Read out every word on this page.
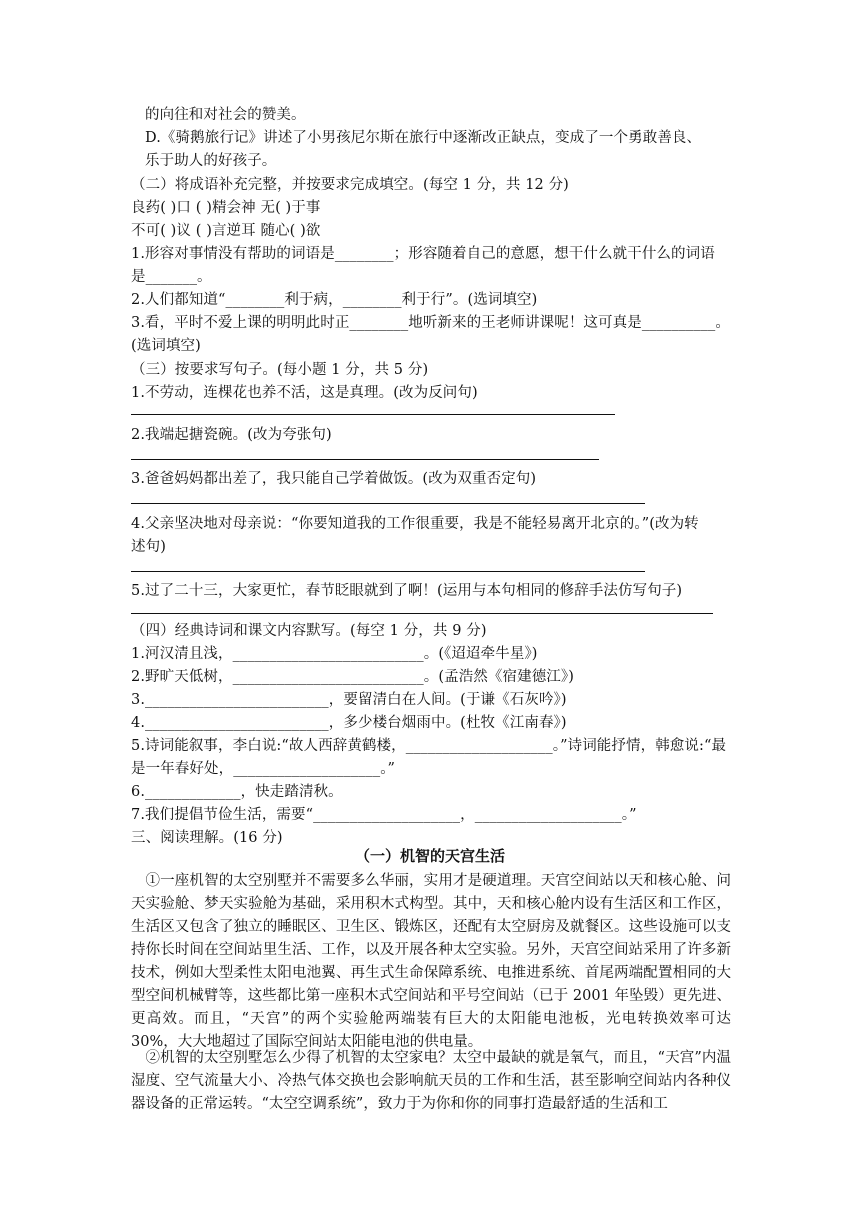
的向往和对社会的赞美。
D.《骑鹅旅行记》讲述了小男孩尼尔斯在旅行中逐渐改正缺点，变成了一个勇敢善良、
乐于助人的好孩子。
（二）将成语补充完整，并按要求完成填空。(每空 1 分，共 12 分)
良药( )口 ( )精会神 无( )于事
不可( )议 ( )言逆耳 随心( )欲
1.形容对事情没有帮助的词语是________；形容随着自己的意愿，想干什么就干什么的词语
是_______。
2.人们都知道“________利于病，________利于行”。(选词填空)
3.看，平时不爱上课的明明此时正________地听新来的王老师讲课呢！这可真是__________。
(选词填空)
（三）按要求写句子。(每小题 1 分，共 5 分)
1.不劳动，连棵花也养不活，这是真理。(改为反问句)
2.我端起搪瓷碗。(改为夸张句)
3.爸爸妈妈都出差了，我只能自己学着做饭。(改为双重否定句)
4.父亲坚决地对母亲说：“你要知道我的工作很重要，我是不能轻易离开北京的。”(改为转
述句)
5.过了二十三，大家更忙，春节眨眼就到了啊！(运用与本句相同的修辞手法仿写句子)
（四）经典诗词和课文内容默写。(每空 1 分，共 9 分)
1.河汉清且浅，__________________________。(《迢迢牵牛星》)
2.野旷天低树，__________________________。(孟浩然《宿建德江》)
3._________________________，要留清白在人间。(于谦《石灰吟》)
4._________________________，多少楼台烟雨中。(杜牧《江南春》)
5.诗词能叙事，李白说:“故人西辞黄鹤楼，____________________。”诗词能抒情，韩愈说:“最
是一年春好处，____________________。”
6._____________，快走踏清秋。
7.我们提倡节俭生活，需要“____________________，____________________。”
三、阅读理解。(16 分)
（一）机智的天宫生活
①一座机智的太空别墅并不需要多么华丽，实用才是硬道理。天宫空间站以天和核心舱、问天实验舱、梦天实验舱为基础，采用积木式构型。其中，天和核心舱内设有生活区和工作区，生活区又包含了独立的睡眠区、卫生区、锻炼区，还配有太空厨房及就餐区。这些设施可以支持你长时间在空间站里生活、工作，以及开展各种太空实验。另外，天宫空间站采用了许多新技术，例如大型柔性太阳电池翼、再生式生命保障系统、电推进系统、首尾两端配置相同的大型空间机械臂等，这些都比第一座积木式空间站和平号空间站（已于 2001 年坠毁）更先进、更高效。而且，“天宫”的两个实验舱两端装有巨大的太阳能电池板，光电转换效率可达 30%，大大地超过了国际空间站太阳能电池的供电量。
②机智的太空别墅怎么少得了机智的太空家电？太空中最缺的就是氧气，而且，“天宫”内温湿度、空气流量大小、冷热气体交换也会影响航天员的工作和生活，甚至影响空间站内各种仪器设备的正常运转。“太空空调系统”，致力于为你和你的同事打造最舒适的生活和工
